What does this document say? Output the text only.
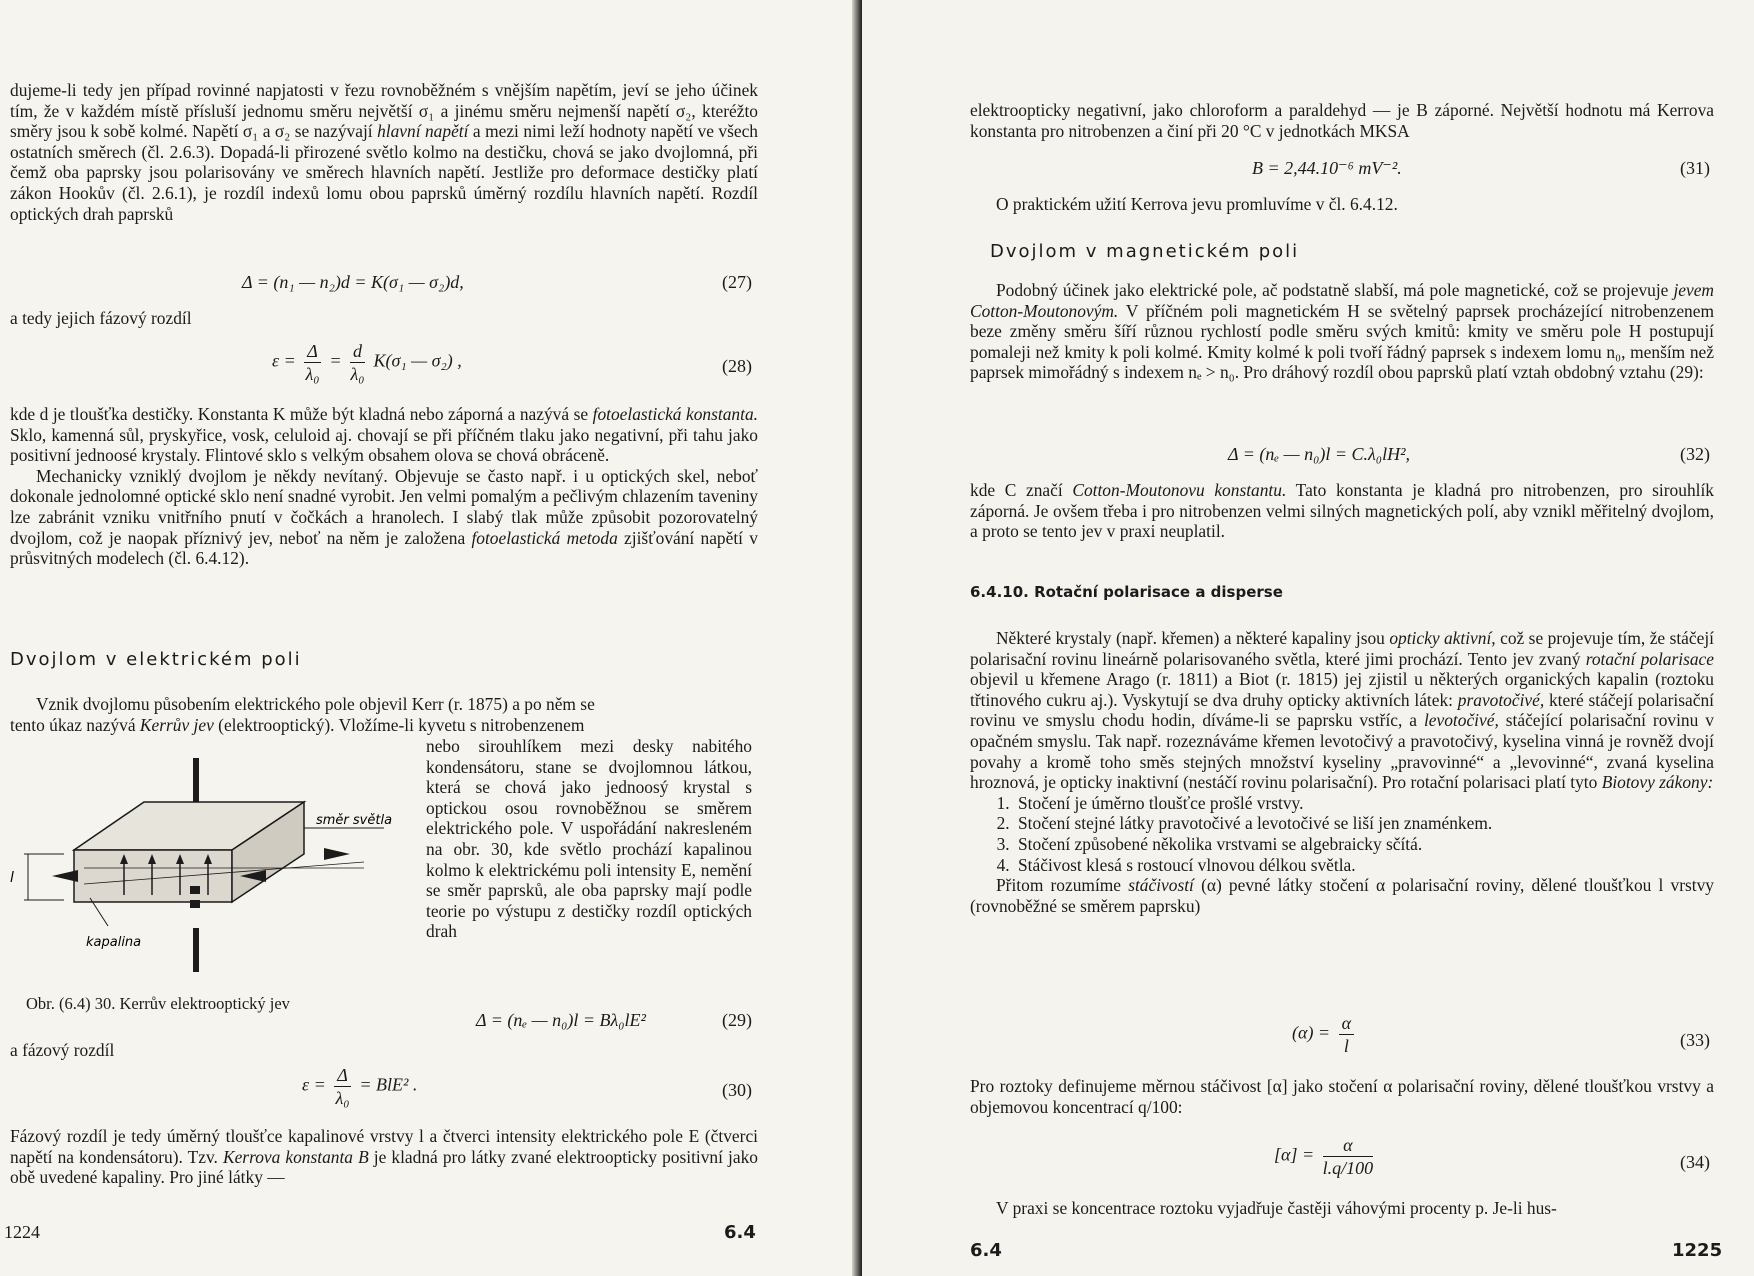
dujeme-li tedy jen případ rovinné napjatosti v řezu rovnoběžném s vnějším napětím, jeví se jeho účinek tím, že v každém místě přísluší jednomu směru největší σ₁ a jinému směru nejmenší napětí σ₂, kteréžto směry jsou k sobě kolmé. Napětí σ₁ a σ₂ se nazývají hlavní napětí a mezi nimi leží hodnoty napětí ve všech ostatních směrech (čl. 2.6.3). Dopadá-li přirozené světlo kolmo na destičku, chová se jako dvojlomná, při čemž oba paprsky jsou polarisovány ve směrech hlavních napětí. Jestliže pro deformace destičky platí zákon Hookův (čl. 2.6.1), je rozdíl indexů lomu obou paprsků úměrný rozdílu hlavních napětí. Rozdíl optických drah paprsků

Δ = (n₁ — n₂)d = K(σ₁ — σ₂)d,	(27)

a tedy jejich fázový rozdíl

$\varepsilon = \frac{\Delta}{\text{λ₀}} = \frac{d}{\text{λ₀}} K(\sigma_1$ — σ₂) ,	(28)

kde d je tloušťka destičky. Konstanta K může být kladná nebo záporná a nazývá se fotoelastická konstanta. Sklo, kamenná sůl, pryskyřice, vosk, celuloid aj. chovají se při příčném tlaku jako negativní, při tahu jako positivní jednoosé krystaly. Flintové sklo s velkým obsahem olova se chová obráceně.

Mechanicky vzniklý dvojlom je někdy nevítaný. Objevuje se často např. i u optických skel, neboť dokonale jednolomné optické sklo není snadné vyrobit. Jen velmi pomalým a pečlivým chlazením taveniny lze zabránit vzniku vnitřního pnutí v čočkách a hranolech. I slabý tlak může způsobit pozorovatelný dvojlom, což je naopak příznivý jev, neboť na něm je založena fotoelastická metoda zjišťování napětí v průsvitných modelech (čl. 6.4.12).

Dvojlom v elektrickém poli

Vznik dvojlomu působením elektrického pole objevil Kerr (r. 1875) a po něm se

tento úkaz nazývá Kerrův jev (elektrooptický). Vložíme-li kyvetu s nitrobenzenem

nebo sirouhlíkem mezi desky nabitého kondensátoru, stane se dvojlomnou látkou, která se chová jako jednoosý krystal s optickou osou rovnoběžnou se směrem elektrického pole. V uspořádání nakresleném na obr. 30, kde světlo prochází kapalinou kolmo k elektrickému poli intensity E, nemění se směr paprsků, ale oba paprsky mají podle teorie po výstupu z destičky rozdíl optických drah

směr světla
l
kapalina
Obr. (6.4) 30. Kerrův elektrooptický jev
Δ = (nₑ — n₀)l = Bλ₀lE²	(29)

a fázový rozdíl

$\varepsilon = \frac{\Delta}{\text{λ₀}} = BlE^2$ .	(30)

Fázový rozdíl je tedy úměrný tloušťce kapalinové vrstvy l a čtverci intensity elektrického pole E (čtverci napětí na kondensátoru). Tzv. Kerrova konstanta B je kladná pro látky zvané elektroopticky positivní jako obě uvedené kapaliny. Pro jiné látky —

1224	6.4

elektroopticky negativní, jako chloroform a paraldehyd — je B záporné. Největší hodnotu má Kerrova konstanta pro nitrobenzen a činí při 20 °C v jednotkách MKSA

B = 2,44.10⁻⁶ mV⁻².	(31)

O praktickém užití Kerrova jevu promluvíme v čl. 6.4.12.

Dvojlom v magnetickém poli

Podobný účinek jako elektrické pole, ač podstatně slabší, má pole magnetické, což se projevuje jevem Cotton-Moutonovým. V příčném poli magnetickém H se světelný paprsek procházející nitrobenzenem beze změny směru šíří různou rychlostí podle směru svých kmitů: kmity ve směru pole H postupují pomaleji než kmity k poli kolmé. Kmity kolmé k poli tvoří řádný paprsek s indexem lomu n₀, menším než paprsek mimořádný s indexem nₑ > n₀. Pro dráhový rozdíl obou paprsků platí vztah obdobný vztahu (29):

Δ = (nₑ — n₀)l = C.λ₀lH²,	(32)

kde C značí Cotton-Moutonovu konstantu. Tato konstanta je kladná pro nitrobenzen, pro sirouhlík záporná. Je ovšem třeba i pro nitrobenzen velmi silných magnetických polí, aby vznikl měřitelný dvojlom, a proto se tento jev v praxi neuplatil.

6.4.10. Rotační polarisace a disperse

Některé krystaly (např. křemen) a některé kapaliny jsou opticky aktivní, což se projevuje tím, že stáčejí polarisační rovinu lineárně polarisovaného světla, které jimi prochází. Tento jev zvaný rotační polarisace objevil u křemene Arago (r. 1811) a Biot (r. 1815) jej zjistil u některých organických kapalin (roztoku třtinového cukru aj.). Vyskytují se dva druhy opticky aktivních látek: pravotočivé, které stáčejí polarisační rovinu ve smyslu chodu hodin, díváme-li se paprsku vstříc, a levotočivé, stáčející polarisační rovinu v opačném smyslu. Tak např. rozeznáváme křemen levotočivý a pravotočivý, kyselina vinná je rovněž dvojí povahy a kromě toho směs stejných množství kyseliny „pravovinné“ a „levovinné“, zvaná kyselina hroznová, je opticky inaktivní (nestáčí rovinu polarisační). Pro rotační polarisaci platí tyto Biotovy zákony:

1. Stočení je úměrno tloušťce prošlé vrstvy.
2. Stočení stejné látky pravotočivé a levotočivé se liší jen znaménkem.
3. Stočení způsobené několika vrstvami se algebraicky sčítá.
4. Stáčivost klesá s rostoucí vlnovou délkou světla.

Přitom rozumíme stáčivostí (α) pevné látky stočení α polarisační roviny, dělené tloušťkou l vrstvy (rovnoběžné se směrem paprsku)

$(\alpha) = \frac{\alpha}{l}$	(33)

Pro roztoky definujeme měrnou stáčivost [α] jako stočení α polarisační roviny, dělené tloušťkou vrstvy a objemovou koncentrací q/100:

$[\alpha] = \frac{\alpha}{l.q/100}$	(34)

V praxi se koncentrace roztoku vyjadřuje častěji váhovými procenty p. Je-li hus-

6.4	1225
